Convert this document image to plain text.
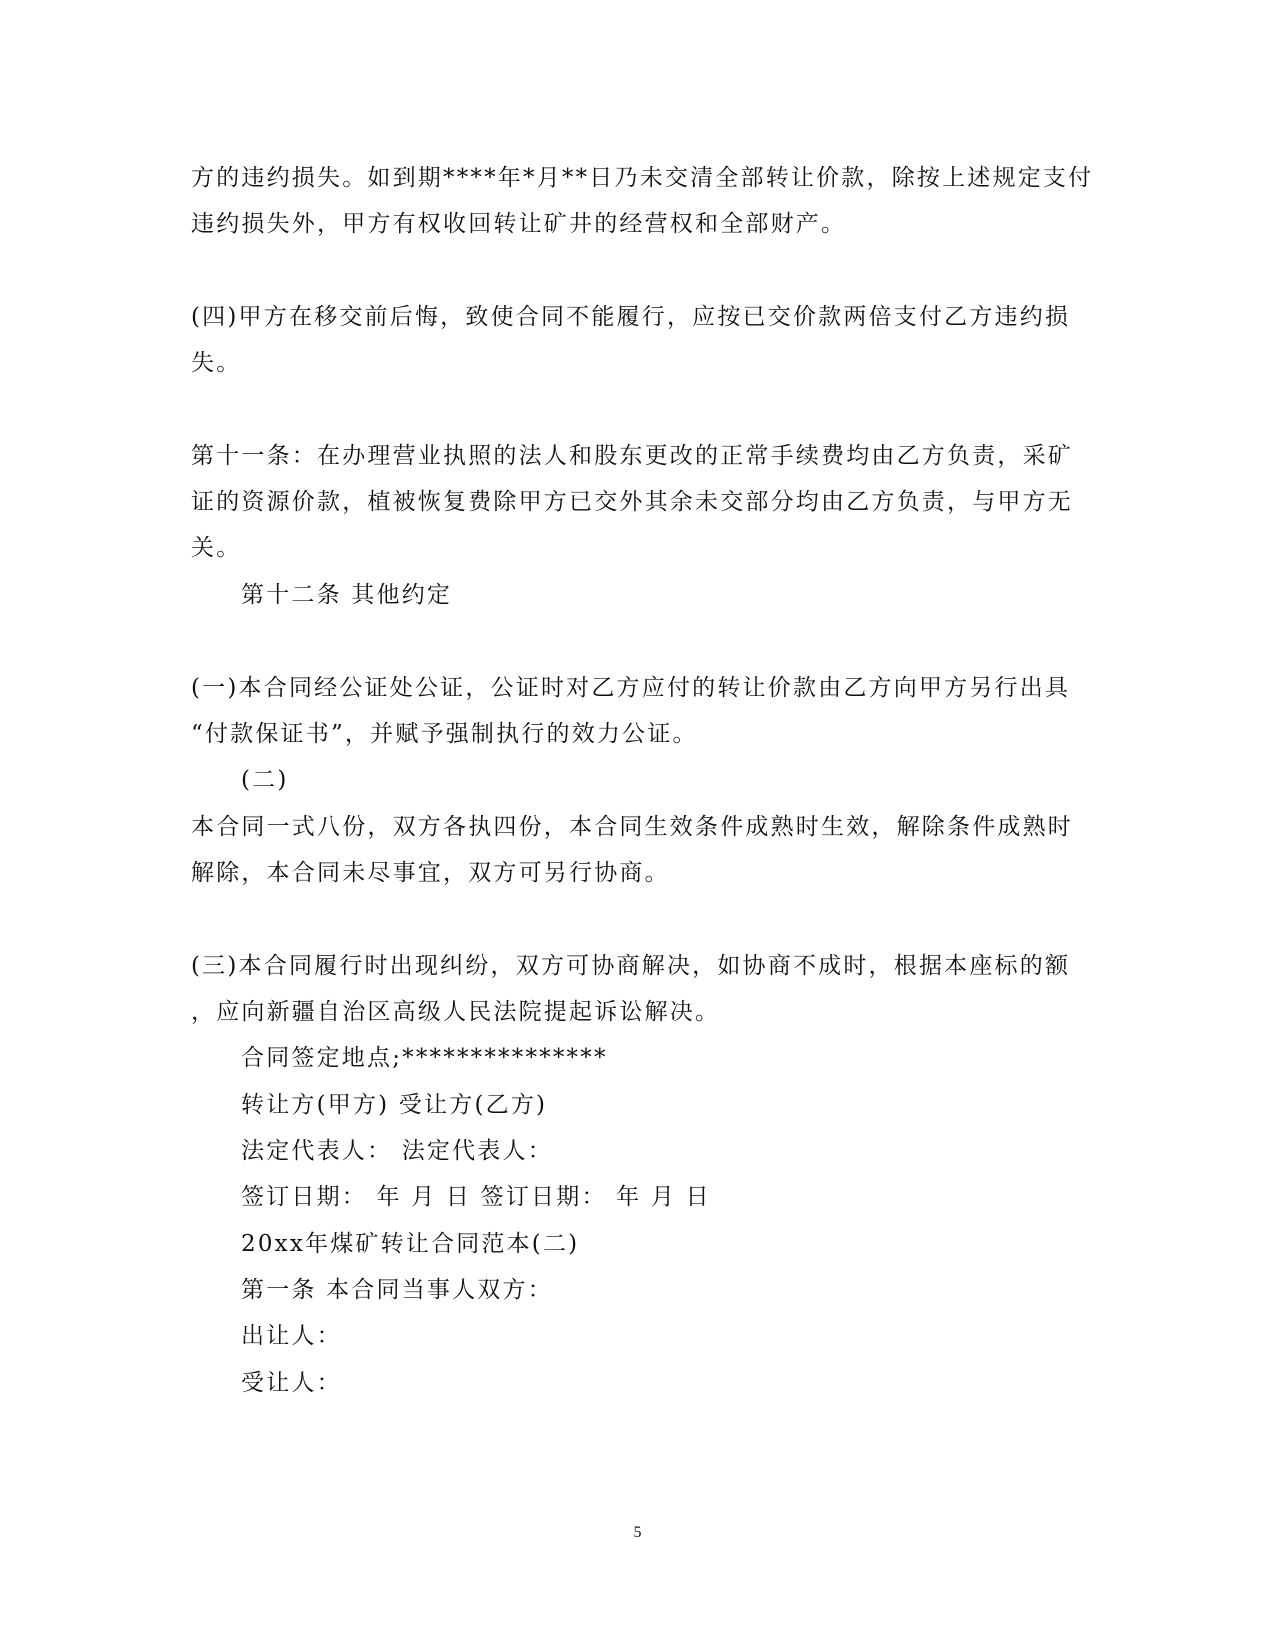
方的违约损失。如到期****年*月**日乃未交清全部转让价款，除按上述规定支付
违约损失外，甲方有权收回转让矿井的经营权和全部财产。
(四)甲方在移交前后悔，致使合同不能履行，应按已交价款两倍支付乙方违约损
失。
第十一条：在办理营业执照的法人和股东更改的正常手续费均由乙方负责，采矿
证的资源价款，植被恢复费除甲方已交外其余未交部分均由乙方负责，与甲方无
关。
第十二条 其他约定
(一)本合同经公证处公证，公证时对乙方应付的转让价款由乙方向甲方另行出具
“付款保证书”，并赋予强制执行的效力公证。
(二)
本合同一式八份，双方各执四份，本合同生效条件成熟时生效，解除条件成熟时
解除，本合同未尽事宜，双方可另行协商。
(三)本合同履行时出现纠纷，双方可协商解决，如协商不成时，根据本座标的额
，应向新疆自治区高级人民法院提起诉讼解决。
合同签定地点;***************
转让方(甲方) 受让方(乙方)
法定代表人： 法定代表人：
签订日期： 年 月 日 签订日期： 年 月 日
20xx年煤矿转让合同范本(二)
第一条 本合同当事人双方：
出让人：
受让人：
5
